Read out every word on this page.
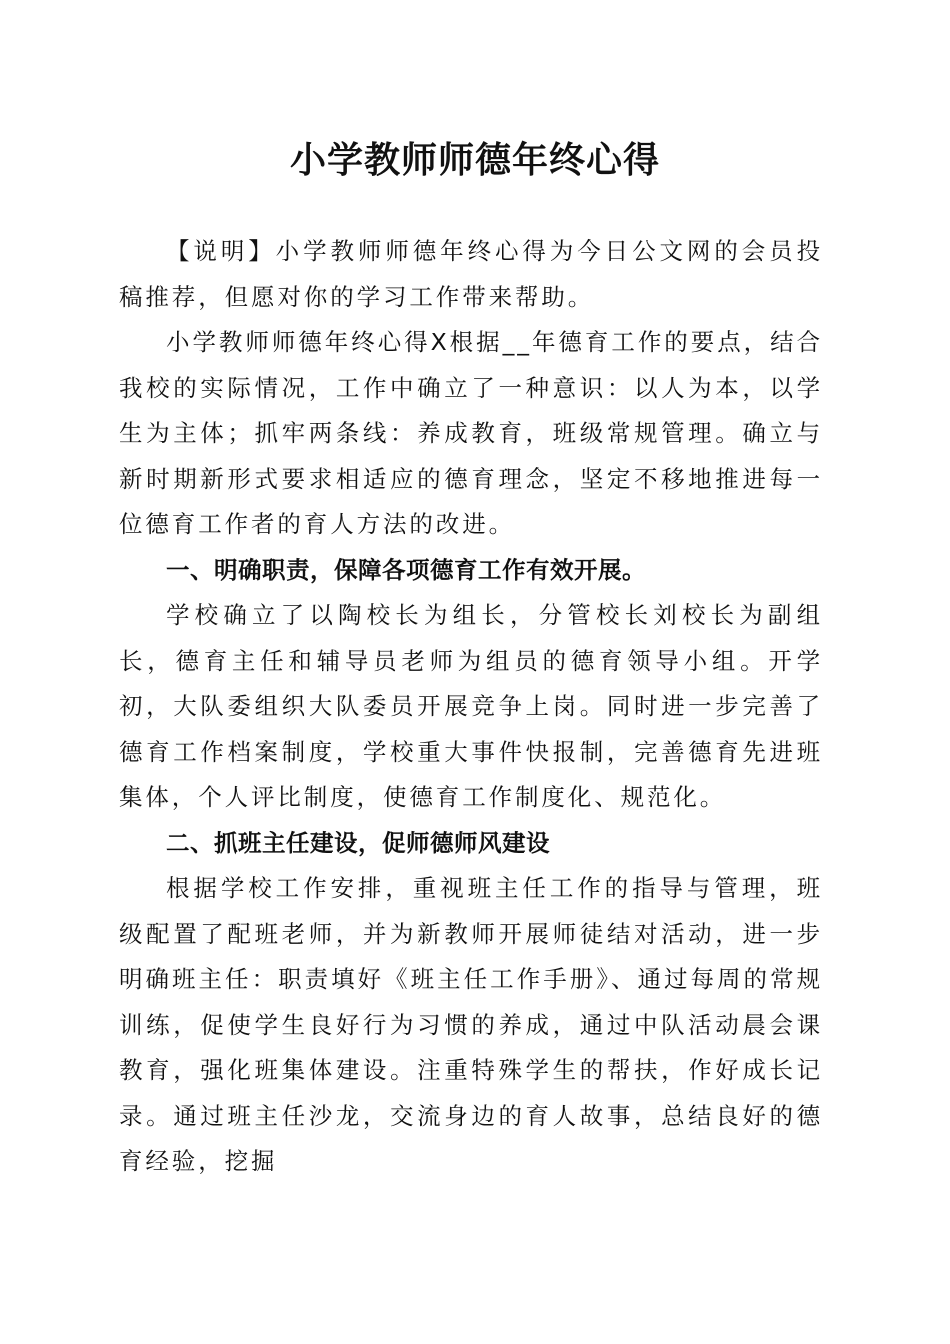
小学教师师德年终心得

【说明】小学教师师德年终心得为今日公文网的会员投稿推荐，但愿对你的学习工作带来帮助。

小学教师师德年终心得X根据__年德育工作的要点，结合我校的实际情况，工作中确立了一种意识：以人为本，以学生为主体；抓牢两条线：养成教育，班级常规管理。确立与新时期新形式要求相适应的德育理念，坚定不移地推进每一位德育工作者的育人方法的改进。

一、明确职责，保障各项德育工作有效开展。

学校确立了以陶校长为组长，分管校长刘校长为副组长，德育主任和辅导员老师为组员的德育领导小组。开学初，大队委组织大队委员开展竞争上岗。同时进一步完善了德育工作档案制度，学校重大事件快报制，完善德育先进班集体，个人评比制度，使德育工作制度化、规范化。

二、抓班主任建设，促师德师风建设

根据学校工作安排，重视班主任工作的指导与管理，班级配置了配班老师，并为新教师开展师徒结对活动，进一步明确班主任：职责填好《班主任工作手册》、通过每周的常规训练，促使学生良好行为习惯的养成，通过中队活动晨会课教育，强化班集体建设。注重特殊学生的帮扶，作好成长记录。通过班主任沙龙，交流身边的育人故事，总结良好的德育经验，挖掘
